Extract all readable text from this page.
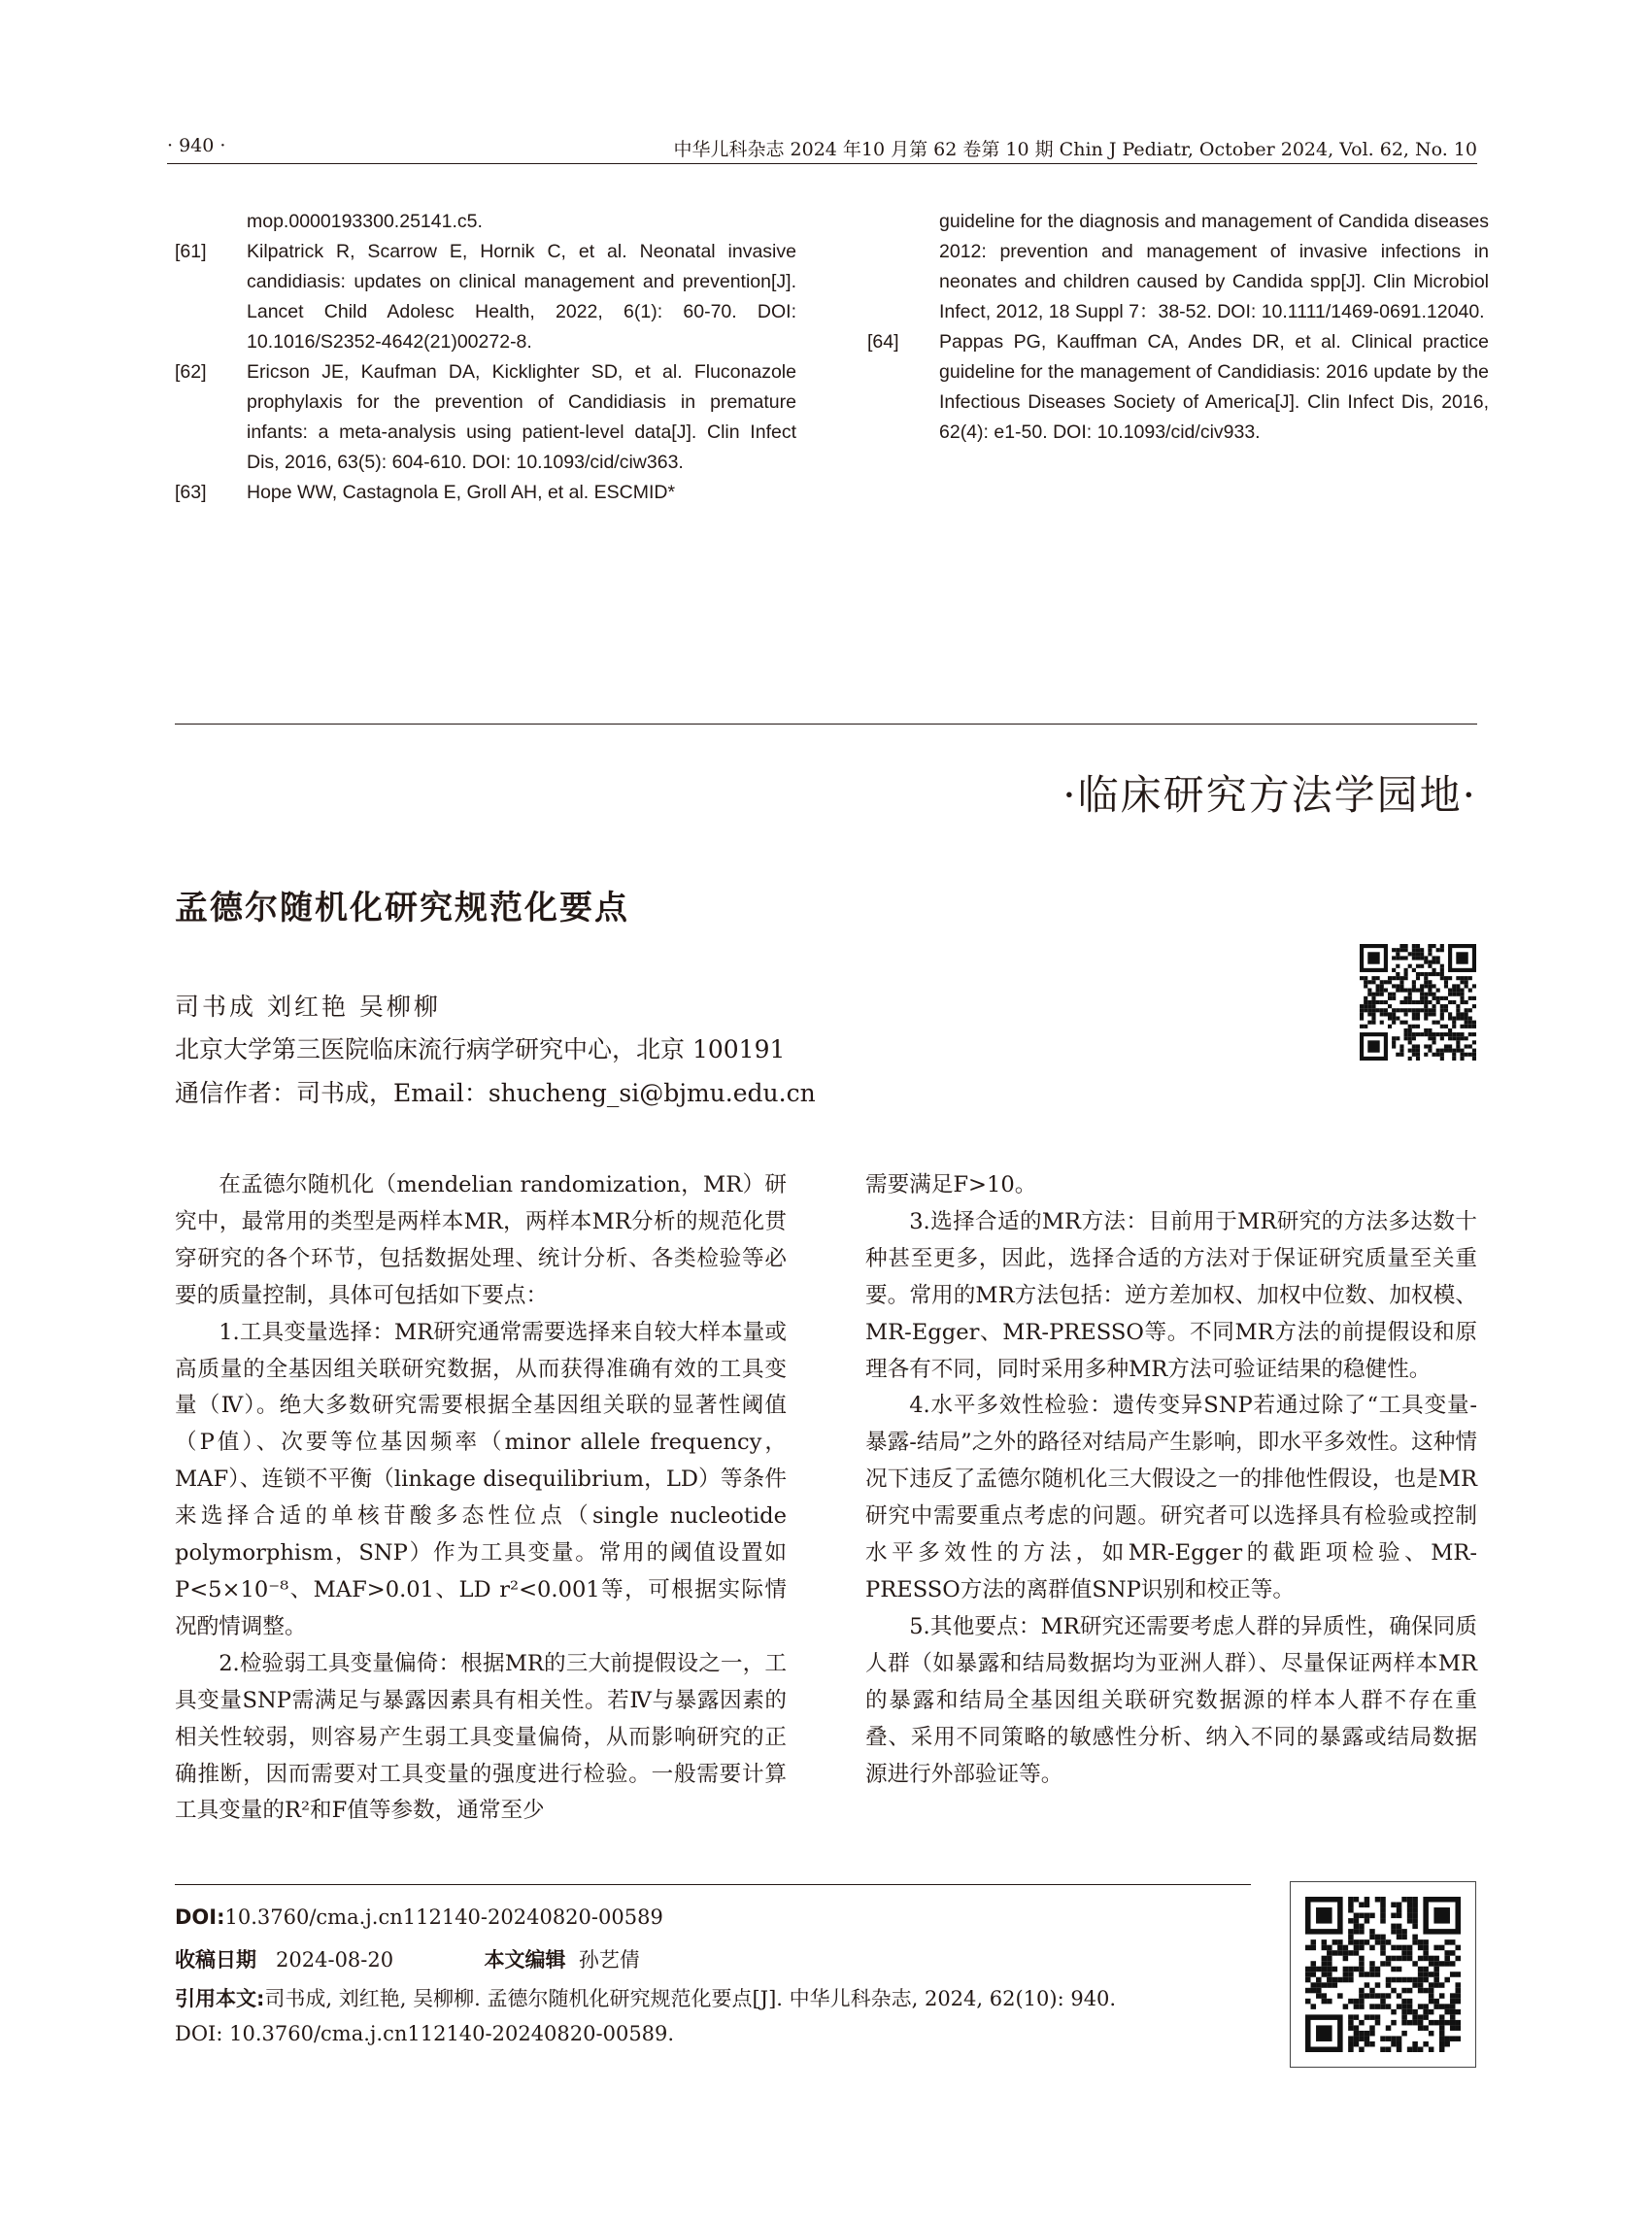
· 940 ·	中华儿科杂志 2024 年10 月第 62 卷第 10 期 Chin J Pediatr, October 2024, Vol. 62, No. 10
mop.0000193300.25141.c5.
[61] Kilpatrick R, Scarrow E, Hornik C, et al. Neonatal invasive candidiasis: updates on clinical management and prevention[J]. Lancet Child Adolesc Health, 2022, 6(1): 60-70. DOI: 10.1016/S2352-4642(21)00272-8.
[62] Ericson JE, Kaufman DA, Kicklighter SD, et al. Fluconazole prophylaxis for the prevention of Candidiasis in premature infants: a meta-analysis using patient-level data[J]. Clin Infect Dis, 2016, 63(5): 604-610. DOI: 10.1093/cid/ciw363.
[63] Hope WW, Castagnola E, Groll AH, et al. ESCMID*
guideline for the diagnosis and management of Candida diseases 2012: prevention and management of invasive infections in neonates and children caused by Candida spp[J]. Clin Microbiol Infect, 2012, 18 Suppl 7：38-52. DOI: 10.1111/1469-0691.12040.
[64] Pappas PG, Kauffman CA, Andes DR, et al. Clinical practice guideline for the management of Candidiasis: 2016 update by the Infectious Diseases Society of America[J]. Clin Infect Dis, 2016, 62(4): e1-50. DOI: 10.1093/cid/civ933.
·临床研究方法学园地·
孟德尔随机化研究规范化要点
司书成 刘红艳 吴柳柳
北京大学第三医院临床流行病学研究中心，北京 100191
通信作者：司书成，Email：shucheng_si@bjmu.edu.cn

在孟德尔随机化（mendelian randomization，MR）研究中，最常用的类型是两样本MR，两样本MR分析的规范化贯穿研究的各个环节，包括数据处理、统计分析、各类检验等必要的质量控制，具体可包括如下要点：

1.工具变量选择：MR研究通常需要选择来自较大样本量或高质量的全基因组关联研究数据，从而获得准确有效的工具变量（Ⅳ）。绝大多数研究需要根据全基因组关联的显著性阈值（P值）、次要等位基因频率（minor allele frequency，MAF）、连锁不平衡（linkage disequilibrium，LD）等条件来选择合适的单核苷酸多态性位点（single nucleotide polymorphism，SNP）作为工具变量。常用的阈值设置如P<5×10⁻⁸、MAF>0.01、LD r²<0.001等，可根据实际情况酌情调整。

2.检验弱工具变量偏倚：根据MR的三大前提假设之一，工具变量SNP需满足与暴露因素具有相关性。若Ⅳ与暴露因素的相关性较弱，则容易产生弱工具变量偏倚，从而影响研究的正确推断，因而需要对工具变量的强度进行检验。一般需要计算工具变量的R²和F值等参数，通常至少

需要满足F>10。

3.选择合适的MR方法：目前用于MR研究的方法多达数十种甚至更多，因此，选择合适的方法对于保证研究质量至关重要。常用的MR方法包括：逆方差加权、加权中位数、加权模、MR-Egger、MR-PRESSO等。不同MR方法的前提假设和原理各有不同，同时采用多种MR方法可验证结果的稳健性。

4.水平多效性检验：遗传变异SNP若通过除了“工具变量-暴露-结局”之外的路径对结局产生影响，即水平多效性。这种情况下违反了孟德尔随机化三大假设之一的排他性假设，也是MR研究中需要重点考虑的问题。研究者可以选择具有检验或控制水平多效性的方法，如MR-Egger的截距项检验、MR-PRESSO方法的离群值SNP识别和校正等。

5.其他要点：MR研究还需要考虑人群的异质性，确保同质人群（如暴露和结局数据均为亚洲人群）、尽量保证两样本MR的暴露和结局全基因组关联研究数据源的样本人群不存在重叠、采用不同策略的敏感性分析、纳入不同的暴露或结局数据源进行外部验证等。

DOI:10.3760/cma.j.cn112140-20240820-00589
收稿日期 2024-08-20	本文编辑 孙艺倩
引用本文:司书成, 刘红艳, 吴柳柳. 孟德尔随机化研究规范化要点[J]. 中华儿科杂志, 2024, 62(10): 940.
DOI: 10.3760/cma.j.cn112140-20240820-00589.
